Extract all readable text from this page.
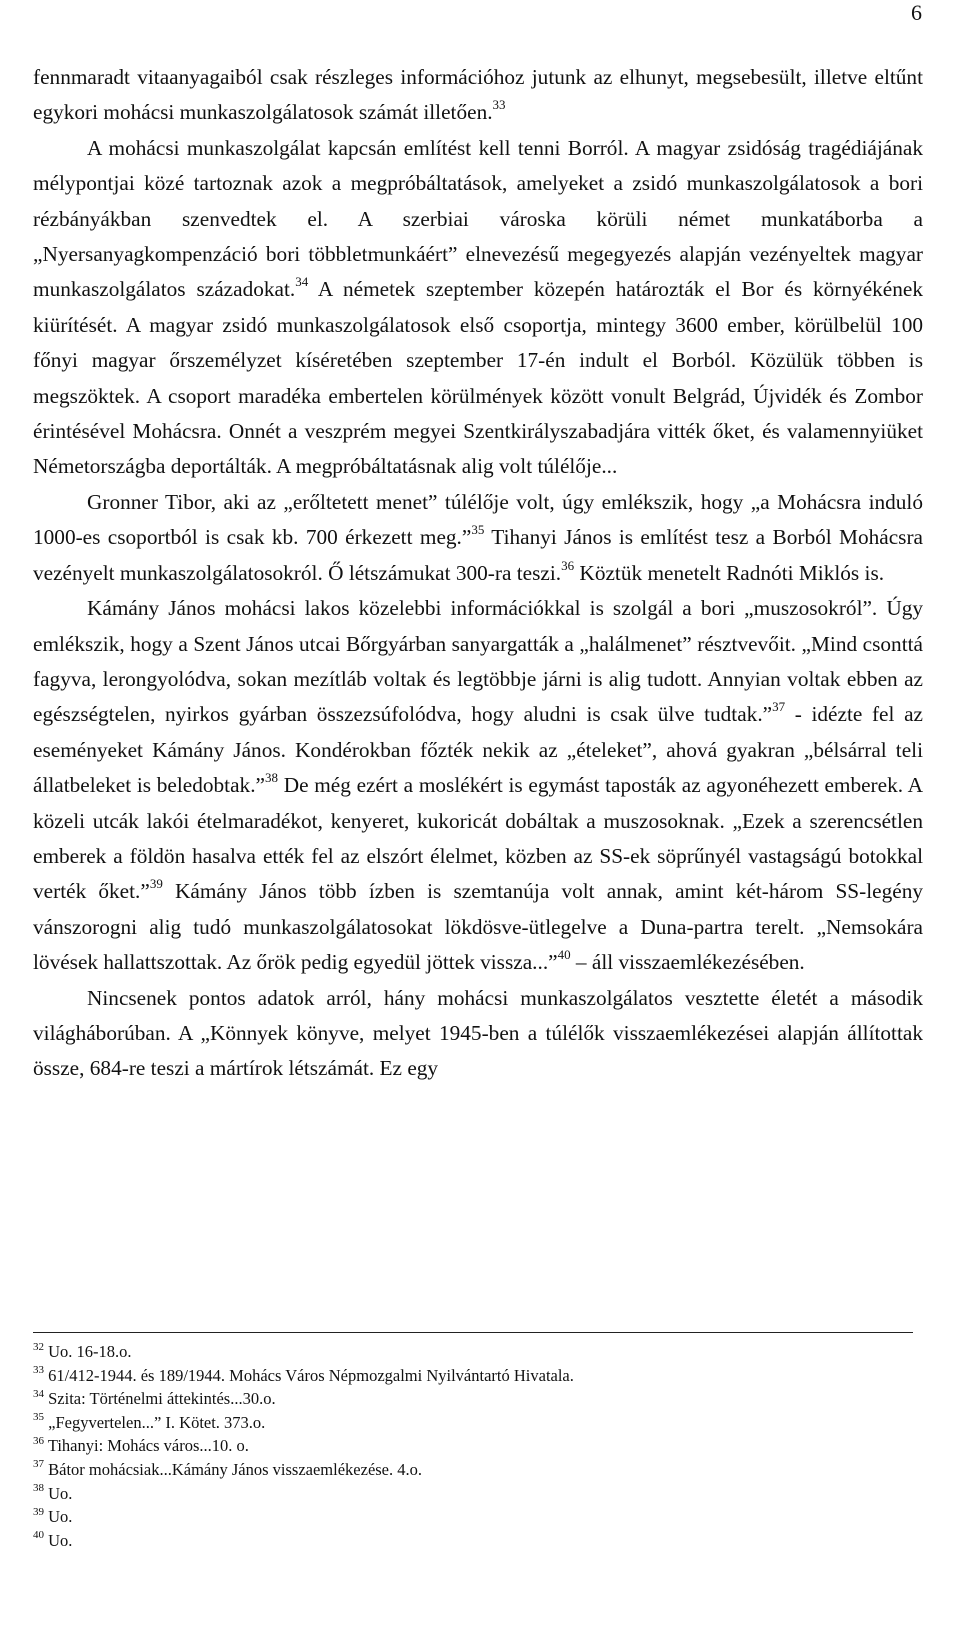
6

fennmaradt vitaanyagaiból csak részleges információhoz jutunk az elhunyt, megsebesült, illetve eltűnt egykori mohácsi munkaszolgálatosok számát illetően.$^{33}$

A mohácsi munkaszolgálat kapcsán említést kell tenni Borról. A magyar zsidóság tragédiájának mélypontjai közé tartoznak azok a megpróbáltatások, amelyeket a zsidó munkaszolgálatosok a bori rézbányákban szenvedtek el. A szerbiai városka körüli német munkatáborba a „Nyersanyagkompenzáció bori többletmunkáért” elnevezésű megegyezés alapján vezényeltek magyar munkaszolgálatos századokat.$^{34}$ A németek szeptember közepén határozták el Bor és környékének kiürítését. A magyar zsidó munkaszolgálatosok első csoportja, mintegy 3600 ember, körülbelül 100 főnyi magyar őrszemélyzet kíséretében szeptember 17-én indult el Borból. Közülük többen is megszöktek. A csoport maradéka embertelen körülmények között vonult Belgrád, Újvidék és Zombor érintésével Mohácsra. Onnét a veszprém megyei Szentkirályszabadjára vitték őket, és valamennyiüket Németországba deportálták. A megpróbáltatásnak alig volt túlélője...

Gronner Tibor, aki az „erőltetett menet” túlélője volt, úgy emlékszik, hogy „a Mohácsra induló 1000-es csoportból is csak kb. 700 érkezett meg.”$^{35}$ Tihanyi János is említést tesz a Borból Mohácsra vezényelt munkaszolgálatosokról. Ő létszámukat 300-ra teszi.$^{36}$ Köztük menetelt Radnóti Miklós is.

Kámány János mohácsi lakos közelebbi információkkal is szolgál a bori „muszosokról”. Úgy emlékszik, hogy a Szent János utcai Bőrgyárban sanyargatták a „halálmenet” résztvevőit. „Mind csonttá fagyva, lerongyolódva, sokan mezítláb voltak és legtöbbje járni is alig tudott. Annyian voltak ebben az egészségtelen, nyirkos gyárban összezsúfolódva, hogy aludni is csak ülve tudtak.”$^{37}$ - idézte fel az eseményeket Kámány János. Kondérokban főzték nekik az „ételeket”, ahová gyakran „bélsárral teli állatbeleket is beledobtak.”$^{38}$ De még ezért a moslékért is egymást taposták az agyonéhezett emberek. A közeli utcák lakói ételmaradékot, kenyeret, kukoricát dobáltak a muszosoknak. „Ezek a szerencsétlen emberek a földön hasalva ették fel az elszórt élelmet, közben az SS-ek söprűnyél vastagságú botokkal verték őket.”$^{39}$ Kámány János több ízben is szemtanúja volt annak, amint két-három SS-legény vánszorogni alig tudó munkaszolgálatosokat lökdösve-ütlegelve a Duna-partra terelt. „Nemsokára lövések hallattszottak. Az őrök pedig egyedül jöttek vissza...”$^{40}$ – áll visszaemlékezésében.

Nincsenek pontos adatok arról, hány mohácsi munkaszolgálatos vesztette életét a második világháborúban. A „Könnyek könyve, melyet 1945-ben a túlélők visszaemlékezései alapján állítottak össze, 684-re teszi a mártírok létszámát. Ez egy

$^{32}$ Uo. 16-18.o.
$^{33}$ 61/412-1944. és 189/1944. Mohács Város Népmozgalmi Nyilvántartó Hivatala.
$^{34}$ Szita: Történelmi áttekintés...30.o.
$^{35}$ „Fegyvertelen...” I. Kötet. 373.o.
$^{36}$ Tihanyi: Mohács város...10. o.
$^{37}$ Bátor mohácsiak...Kámány János visszaemlékezése. 4.o.
$^{38}$ Uo.
$^{39}$ Uo.
$^{40}$ Uo.
